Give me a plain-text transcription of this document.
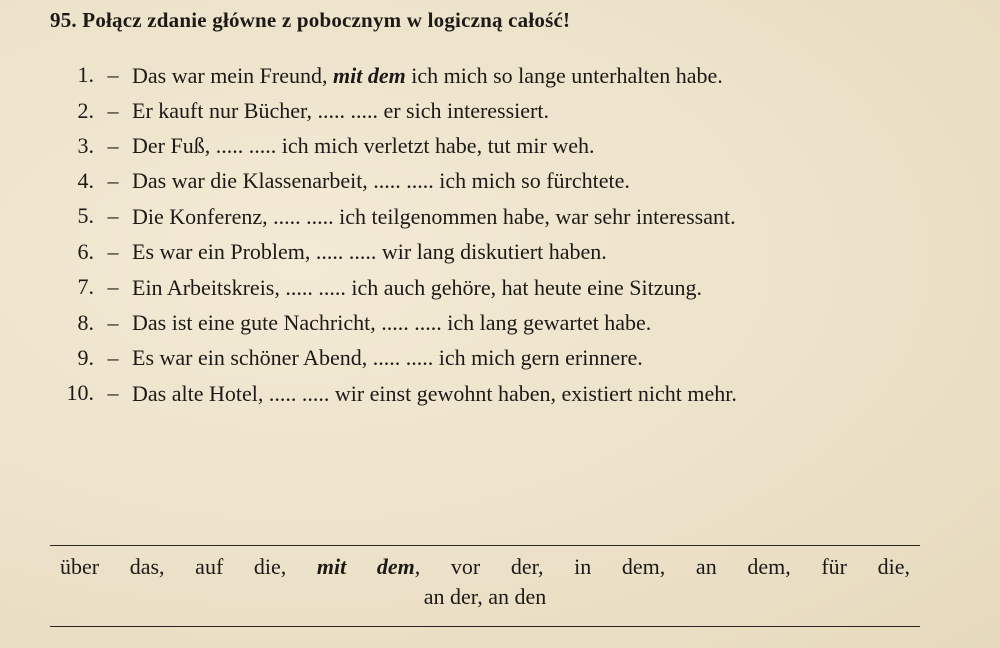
95. Połącz zdanie główne z pobocznym w logiczną całość!
1. – Das war mein Freund, mit dem ich mich so lange unterhalten habe.
2. – Er kauft nur Bücher, ..... ..... er sich interessiert.
3. – Der Fuß, ..... ..... ich mich verletzt habe, tut mir weh.
4. – Das war die Klassenarbeit, ..... ..... ich mich so fürchtete.
5. – Die Konferenz, ..... ..... ich teilgenommen habe, war sehr interessant.
6. – Es war ein Problem, ..... ..... wir lang diskutiert haben.
7. – Ein Arbeitskreis, ..... ..... ich auch gehöre, hat heute eine Sitzung.
8. – Das ist eine gute Nachricht, ..... ..... ich lang gewartet habe.
9. – Es war ein schöner Abend, ..... ..... ich mich gern erinnere.
10. – Das alte Hotel, ..... ..... wir einst gewohnt haben, existiert nicht mehr.
über das, auf die, mit dem, vor der, in dem, an dem, für die,
an der, an den
